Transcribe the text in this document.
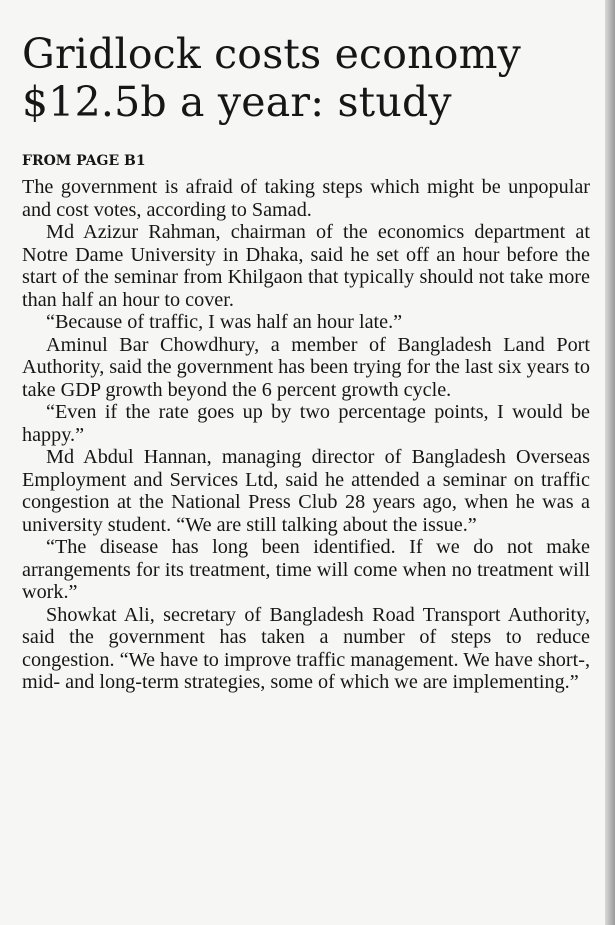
Gridlock costs economy $12.5b a year: study
FROM PAGE B1

The government is afraid of taking steps which might be unpopular and cost votes, according to Samad.

Md Azizur Rahman, chairman of the economics department at Notre Dame University in Dhaka, said he set off an hour before the start of the seminar from Khilgaon that typically should not take more than half an hour to cover.

“Because of traffic, I was half an hour late.”

Aminul Bar Chowdhury, a member of Bangladesh Land Port Authority, said the government has been trying for the last six years to take GDP growth beyond the 6 percent growth cycle.

“Even if the rate goes up by two percentage points, I would be happy.”

Md Abdul Hannan, managing director of Bangladesh Overseas Employment and Services Ltd, said he attended a seminar on traffic congestion at the National Press Club 28 years ago, when he was a university student. “We are still talking about the issue.”

“The disease has long been identified. If we do not make arrangements for its treatment, time will come when no treatment will work.”

Showkat Ali, secretary of Bangladesh Road Transport Authority, said the government has taken a number of steps to reduce congestion. “We have to improve traffic management. We have short-, mid- and long-term strategies, some of which we are implementing.”
